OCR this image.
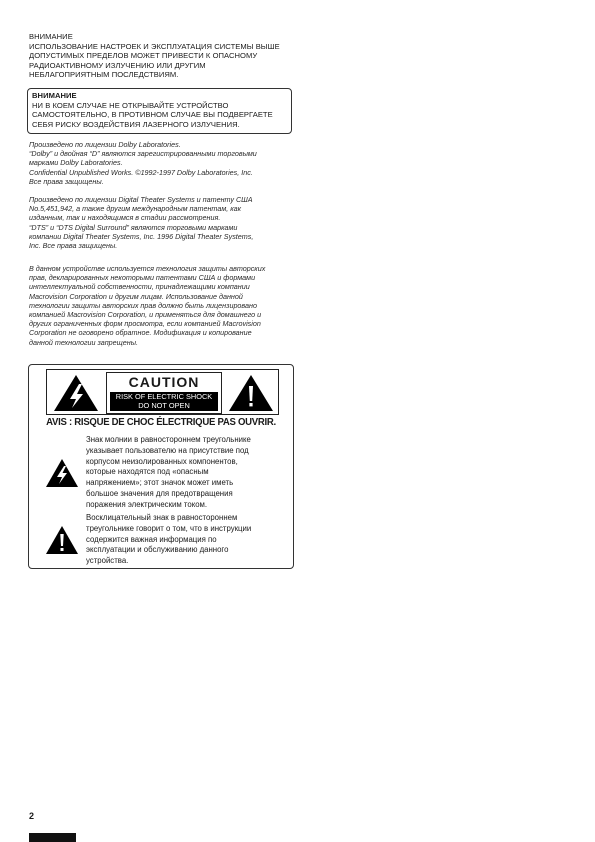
ВНИМАНИЕ
ИСПОЛЬЗОВАНИЕ НАСТРОЕК И ЭКСПЛУАТАЦИЯ СИСТЕМЫ ВЫШЕ
ДОПУСТИМЫХ ПРЕДЕЛОВ МОЖЕТ ПРИВЕСТИ К ОПАСНОМУ
РАДИОАКТИВНОМУ ИЗЛУЧЕНИЮ ИЛИ ДРУГИМ
НЕБЛАГОПРИЯТНЫМ ПОСЛЕДСТВИЯМ.
ВНИМАНИЕ
НИ В КОЕМ СЛУЧАЕ НЕ ОТКРЫВАЙТЕ УСТРОЙСТВО
САМОСТОЯТЕЛЬНО, В ПРОТИВНОМ СЛУЧАЕ ВЫ ПОДВЕРГАЕТЕ
СЕБЯ РИСКУ ВОЗДЕЙСТВИЯ ЛАЗЕРНОГО ИЗЛУЧЕНИЯ.
Произведено по лицензии Dolby Laboratories.
“Dolby” и двойная “D” являются зарегистрированными торговыми
марками Dolby Laboratories.
Confidential Unpublished Works. ©1992-1997 Dolby Laboratories, Inc.
Все права защищены.
Произведено по лицензии Digital Theater Systems и патенту США
No.5,451,942, а также другим международным патентам, как
изданным, так и находящимся в стадии рассмотрения.
“DTS” и “DTS Digital Surround” являются торговыми марками
компании Digital Theater Systems, Inc. 1996 Digital Theater Systems,
Inc. Все права защищены.
В данном устройстве используется технология защиты авторских
прав, декларированных некоторыми патентами США и формами
интеллектуальной собственности, принадлежащими компании
Macrovision Corporation и другим лицам. Использование данной
технологии защиты авторских прав должно быть лицензировано
компанией Macrovision Corporation, и применяться для домашнего и
других ограниченных форм просмотра, если компанией Macrovision
Corporation не оговорено обратное. Модификация и копирование
данной технологии запрещены.
CAUTION
RISK OF ELECTRIC SHOCK
DO NOT OPEN
AVIS : RISQUE DE CHOC ÉLECTRIQUE PAS OUVRIR.
Знак молнии в равностороннем треугольнике
указывает пользователю на присутствие под
корпусом неизолированных компонентов,
которые находятся под «опасным
напряжением»; этот значок может иметь
большое значения для предотвращения
поражения электрическим током.
Восклицательный знак в равностороннем
треугольнике говорит о том, что в инструкции
содержится важная информация по
эксплуатации и обслуживанию данного
устройства.
2
